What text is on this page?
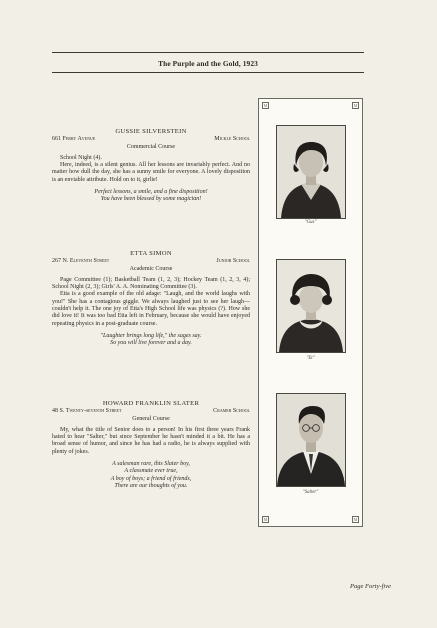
The Purple and the Gold, 1923
GUSSIE SILVERSTEIN
661 Ferry Avenue	Mickle School
Commercial Course

School Night (4).

Here, indeed, is a silent genius. All her lessons are invariably perfect. And no matter how dull the day, she has a sunny smile for everyone. A lovely disposition is an enviable attribute. Hold on to it, girlie!

Perfect lessons, a smile, and a fine disposition!
You have been blessed by some magician!
ETTA SIMON
267 N. Eleventh Street	Junior School
Academic Course

Page Committee (1); Basketball Team (1, 2, 3); Hockey Team (1, 2, 3, 4); School Night (2, 3); Girls' A. A. Nominating Committee (3).

Etta is a good example of the old adage: "Laugh, and the world laughs with you!" She has a contagious giggle. We always laughed just to see her laugh—couldn't help it. The one joy of Etta's High School life was physics (?). How she did love it! It was too bad Etta left in February, because she would have enjoyed repeating physics in a post-graduate course.

"Laughter brings long life," the sages say.
So you will live forever and a day.
HOWARD FRANKLIN SLATER
48 S. Twenty-seventh Street	Cramer School
General Course

My, what the title of Senior does to a person! In his first three years Frank hated to hear "Salter," but since September he hasn't minded it a bit. He has a broad sense of humor, and since he has had a radio, he is always supplied with plenty of jokes.

A salesman rare, this Slater boy,
A classmate ever true,
A boy of boys; a friend of friends,
There are our thoughts of you.
M	M
M	M
"Gus"
"Et"
"Salter"
Page Forty-five
